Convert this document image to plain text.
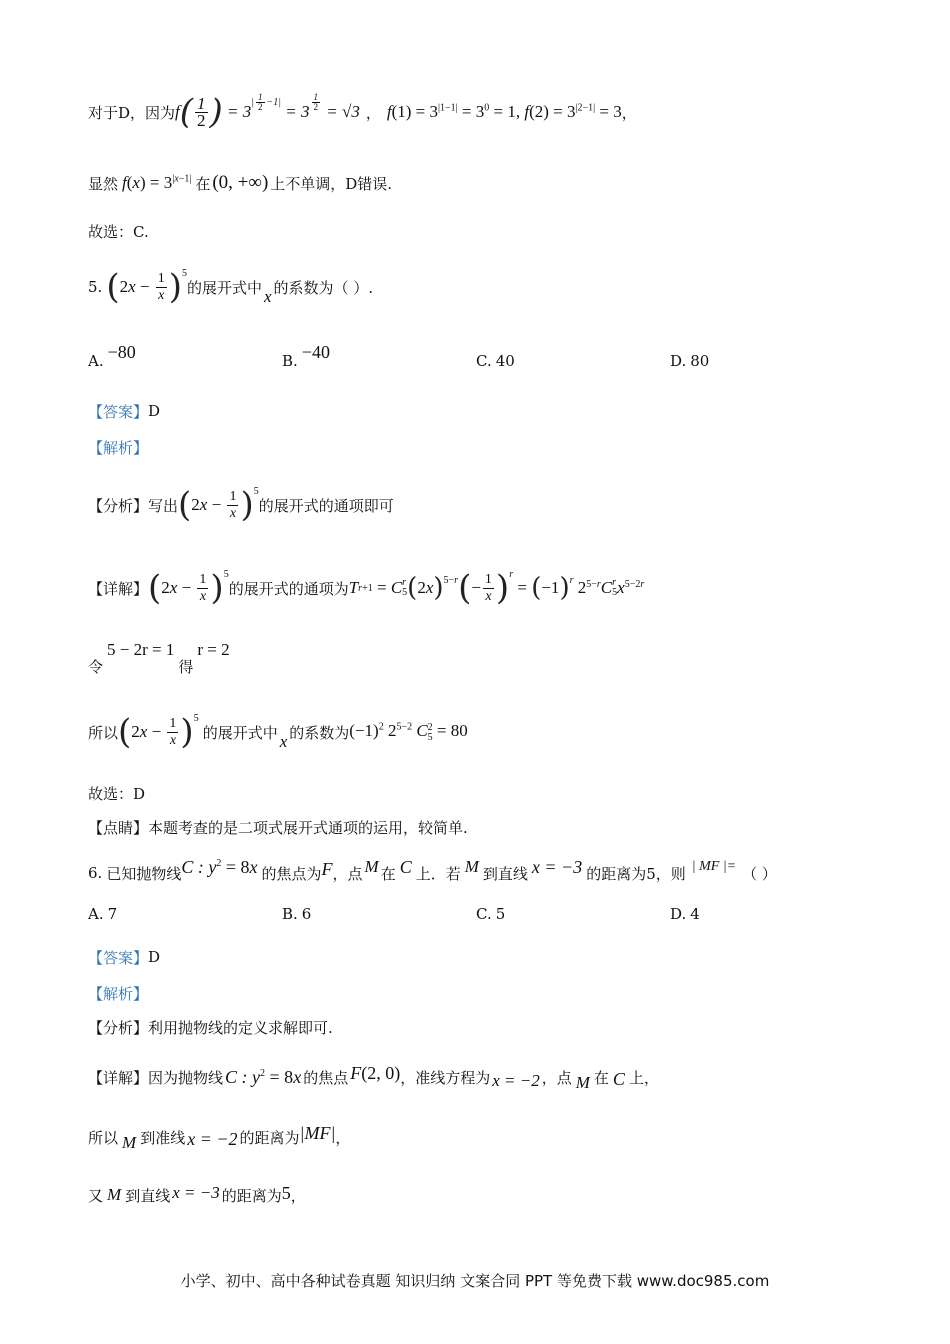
对于D，因为 f ( $\frac{1}{2}$ ) = 3
$^{| \frac{1}{2}-1|}$
= 3 $^{\frac{1}{2}}$ = √3 ， $f(1) = 3^{|1-1|} = 3^0 = 1$, $f(2) = 3^{|2-1|} = 3$ ，
显然 $f(x) = 3^{|x-1|}$ 在 (0, +∞) 上不单调，D错误.
故选：C.
5. ( 2 $x - \frac{1}{x} )^5$
的展开式中 x 的系数为（ ）.
A. −80	B. −40	C. 40	D. 80
【答案】 D
【解析】
【分析】 写出 ( 2 $x - \frac{1}{x} )^5$
的展开式的通项即可
【详解】 ( 2 $x - \frac{1}{x} )^5$
的展开式的通项为 T r+1 = C r
5 ( 2 x )$^{5-r}$ ( − $\frac{1}{x}$ ) $^r$
= ( −1 ) $^r$ $2^{5-r}$ C r
5 $x^{5-2r}$
令
5 − 2r = 1
得
r = 2
所以 ( 2 $x - \frac{1}{x} )^5$
的展开式中 x 的系数为 $(-1)^2$ $2^{5-2}$ C 2
5 = 80
故选：D
【点睛】 本题考查的是二项式展开式通项的运用，较简单.
6. 已知抛物线 C : $y^2 = 8x$ 的焦点为 F ，点 M 在 C 上．若 M 到直线 x = −3 的距离为5，则 | MF |= （ ）
A. 7	B. 6	C. 5	D. 4
【答案】 D
【解析】
【分析】 利用抛物线的定义求解即可.
【详解】 因为抛物线 C : $y^2 = 8x$ 的焦点 F(2, 0) ，准线方程为 x = −2 ，点 M 在 C 上，
所以 M 到准线 x = −2 的距离为 |MF| ，
又 M 到直线 x = −3 的距离为 5 ，
小学、初中、高中各种试卷真题 知识归纳 文案合同 PPT 等免费下载 www.doc985.com
